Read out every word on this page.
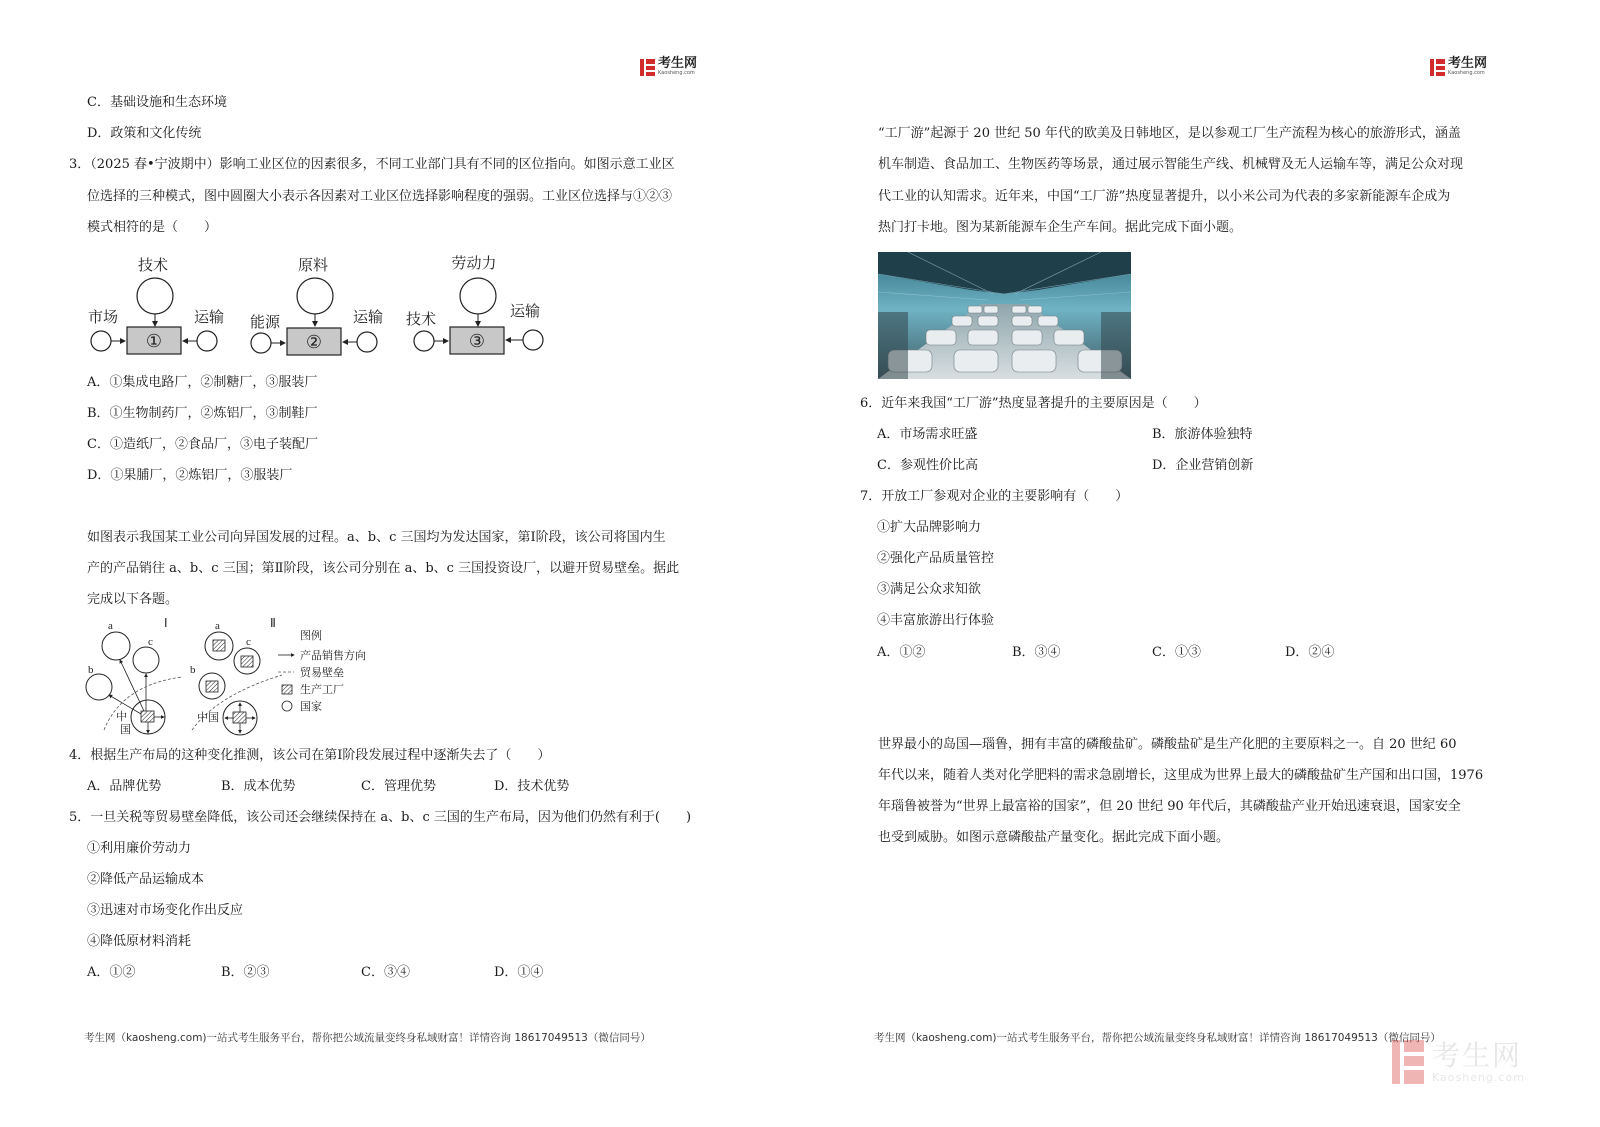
考生网
Kaosheng.com
考生网
Kaosheng.com
C．基础设施和生态环境
D．政策和文化传统
3．（2025 春•宁波期中）影响工业区位的因素很多，不同工业部门具有不同的区位指向。如图示意工业区
位选择的三种模式，图中圆圈大小表示各因素对工业区位选择影响程度的强弱。工业区位选择与①②③
模式相符的是（　　）
技术
市场
①
运输
原料
能源
②
运输
劳动力
技术
③
运输
A．①集成电路厂，②制糖厂，③服装厂
B．①生物制药厂，②炼铝厂，③制鞋厂
C．①造纸厂，②食品厂，③电子装配厂
D．①果脯厂，②炼铝厂，③服装厂
如图表示我国某工业公司向异国发展的过程。a、b、c 三国均为发达国家，第Ⅰ阶段，该公司将国内生
产的产品销往 a、b、c 三国；第Ⅱ阶段，该公司分别在 a、b、c 三国投资设厂，以避开贸易壁垒。据此
完成以下各题。
Ⅰ
a
c
b
中
国
Ⅱ
a
c
b
中国
图例
产品销售方向
贸易壁垒
生产工厂
国家
4．根据生产布局的这种变化推测，该公司在第Ⅰ阶段发展过程中逐渐失去了（　　）
A．品牌优势	B．成本优势	C．管理优势	D．技术优势
5．一旦关税等贸易壁垒降低，该公司还会继续保持在 a、b、c 三国的生产布局，因为他们仍然有利于(　　)
①利用廉价劳动力
②降低产品运输成本
③迅速对市场变化作出反应
④降低原材料消耗
A．①②	B．②③	C．③④	D．①④
“工厂游”起源于 20 世纪 50 年代的欧美及日韩地区，是以参观工厂生产流程为核心的旅游形式，涵盖
机车制造、食品加工、生物医药等场景，通过展示智能生产线、机械臂及无人运输车等，满足公众对现
代工业的认知需求。近年来，中国“工厂游”热度显著提升，以小米公司为代表的多家新能源车企成为
热门打卡地。图为某新能源车企生产车间。据此完成下面小题。
6．近年来我国“工厂游”热度显著提升的主要原因是（　　）
A．市场需求旺盛	B．旅游体验独特
C．参观性价比高	D．企业营销创新
7．开放工厂参观对企业的主要影响有（　　）
①扩大品牌影响力
②强化产品质量管控
③满足公众求知欲
④丰富旅游出行体验
A．①②	B．③④	C．①③	D．②④
世界最小的岛国—瑙鲁，拥有丰富的磷酸盐矿。磷酸盐矿是生产化肥的主要原料之一。自 20 世纪 60
年代以来，随着人类对化学肥料的需求急剧增长，这里成为世界上最大的磷酸盐矿生产国和出口国，1976
年瑙鲁被誉为“世界上最富裕的国家”，但 20 世纪 90 年代后，其磷酸盐产业开始迅速衰退，国家安全
也受到威胁。如图示意磷酸盐产量变化。据此完成下面小题。
考生网（kaosheng.com)一站式考生服务平台，帮你把公域流量变终身私域财富！详情咨询 18617049513（微信同号）	考生网（kaosheng.com)一站式考生服务平台，帮你把公域流量变终身私域财富！详情咨询 18617049513（微信同号）
考生网
Kaosheng.com
